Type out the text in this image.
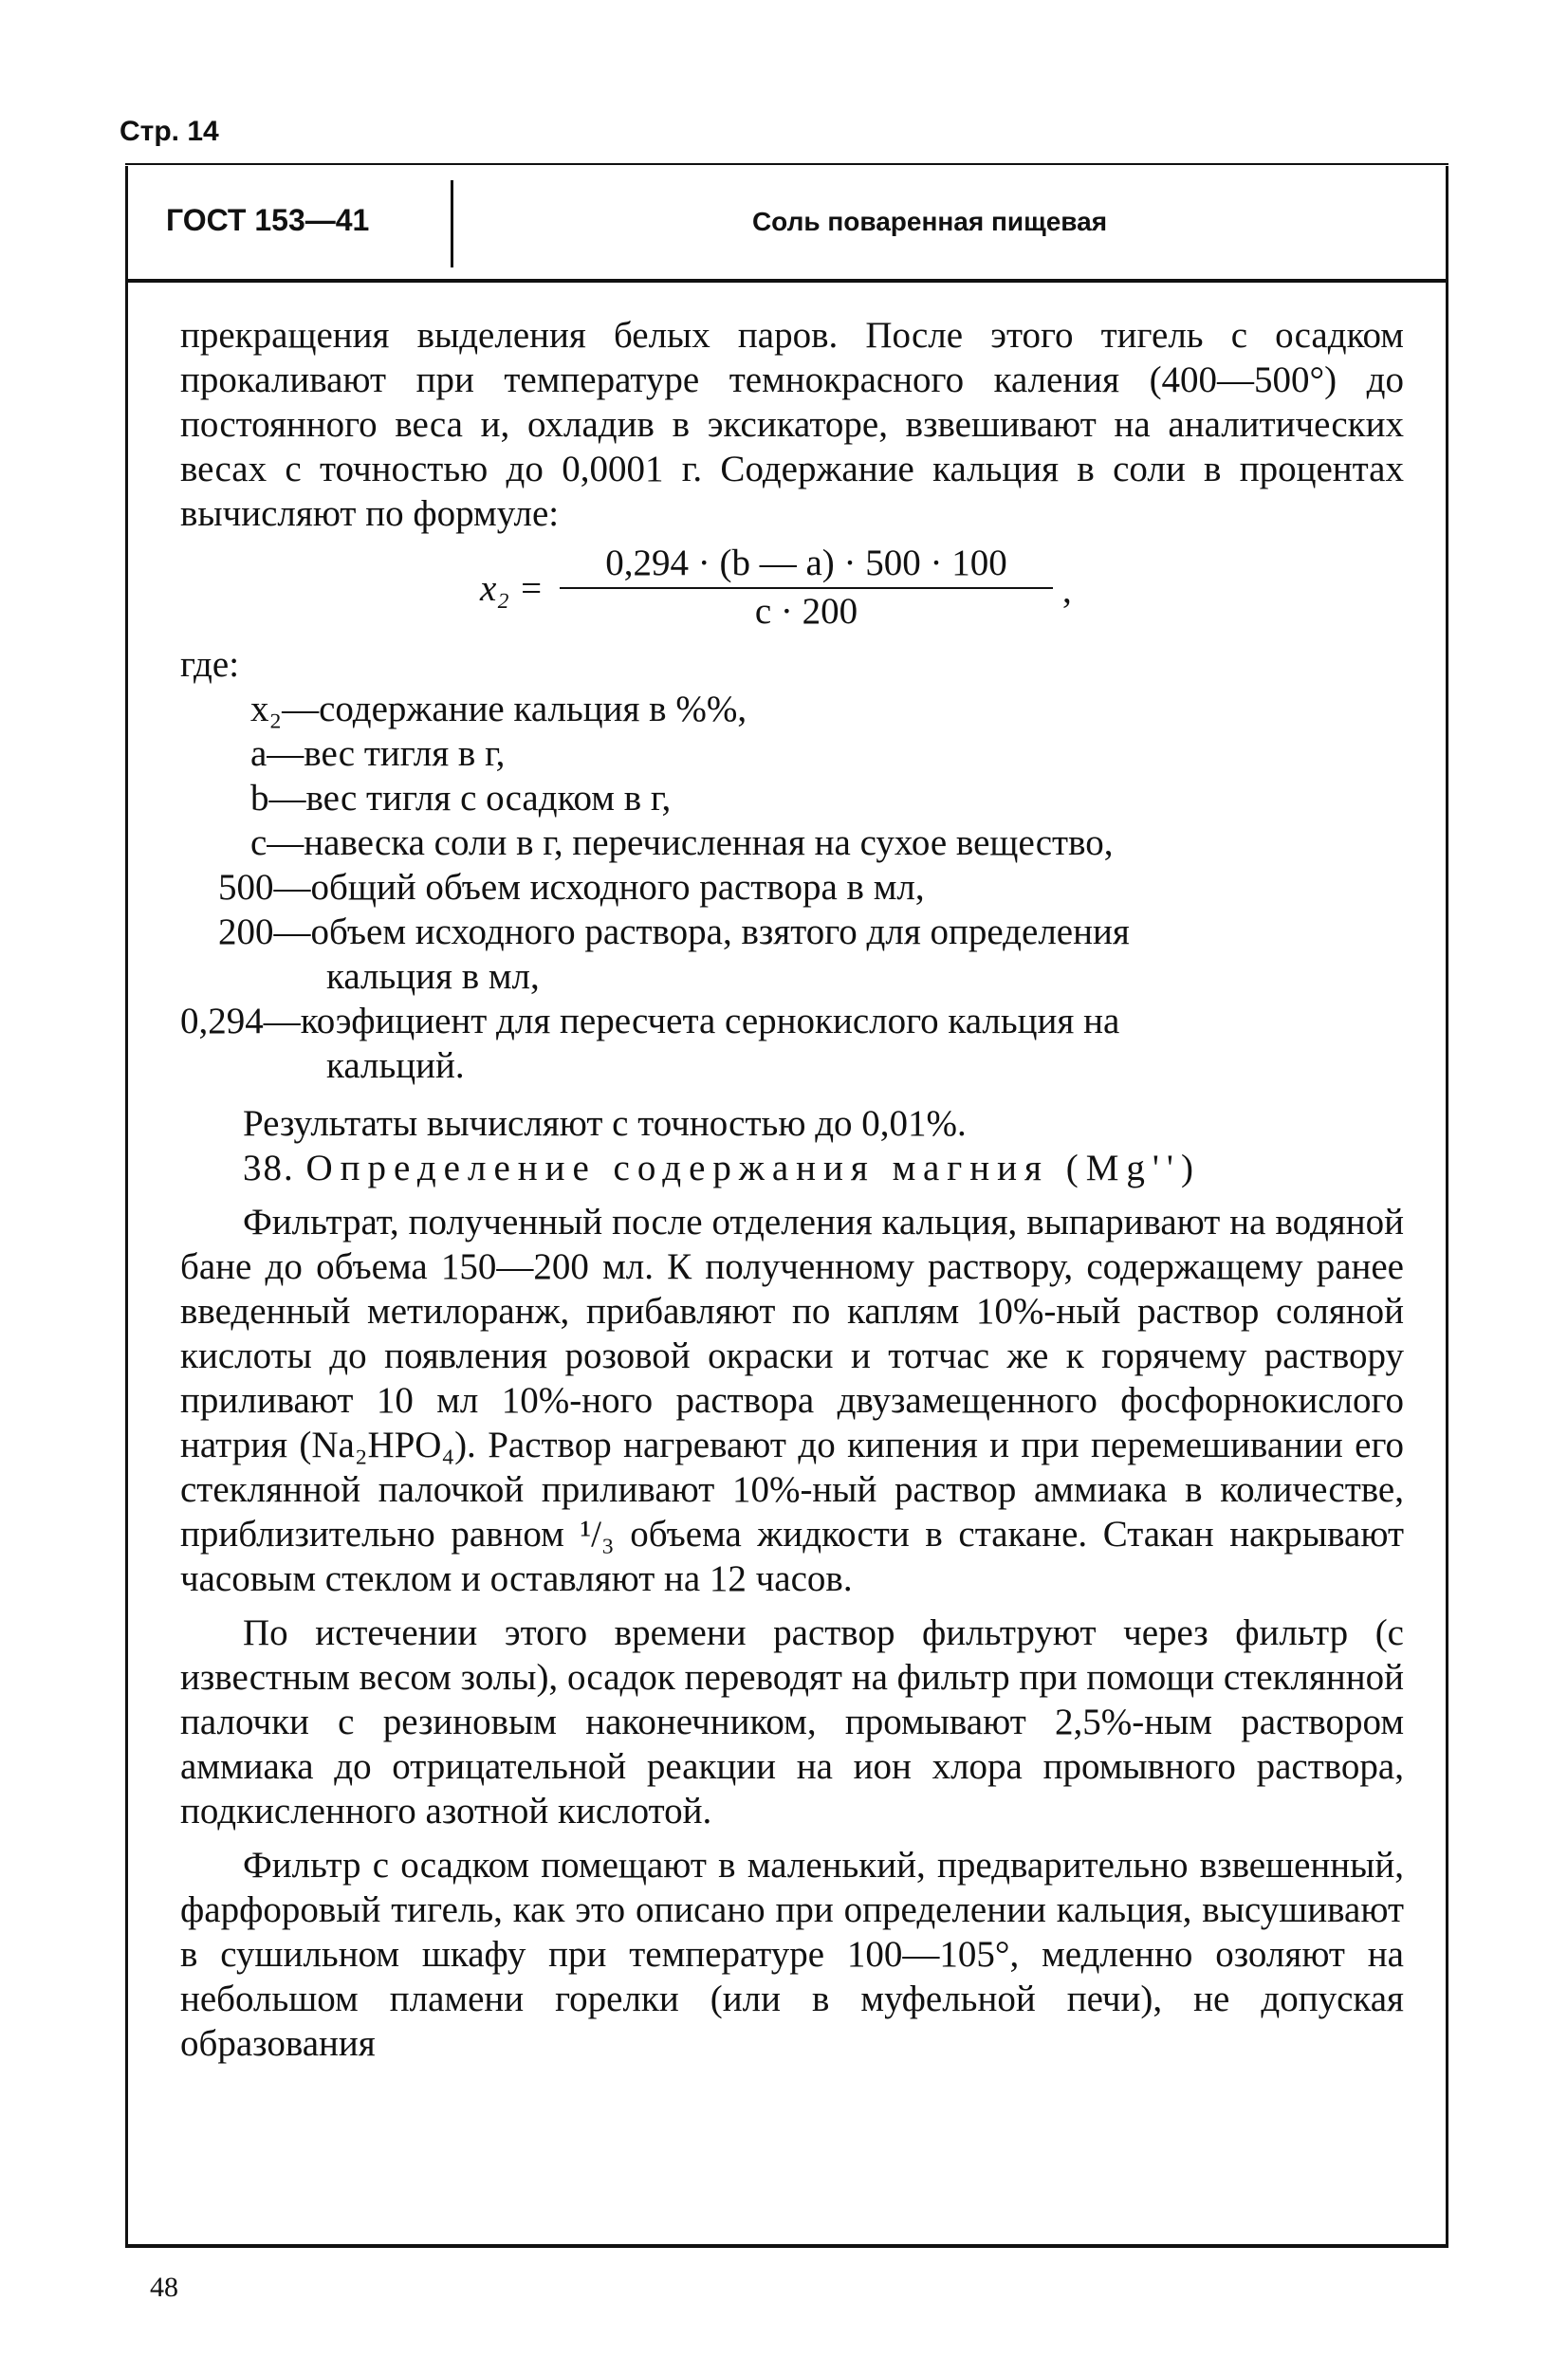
Стр. 14
ГОСТ 153—41	Соль поваренная пищевая

прекращения выделения белых паров. После этого тигель с осадком прокаливают при температуре темнокрасного каления (400—500°) до постоянного веса и, охладив в эксикаторе, взвешивают на аналитических весах с точностью до 0,0001 г. Содержание кальция в соли в процентах вычисляют по формуле:

$x_2 = \frac{0,294 \cdot (b — a) \cdot 500 \cdot 100}{c \cdot 200}$ ,

где:

x₂—содержание кальция в %%,

a—вес тигля в г,

b—вес тигля с осадком в г,

c—навеска соли в г, перечисленная на сухое вещество,

500—общий объем исходного раствора в мл,

200—объем исходного раствора, взятого для определения

кальция в мл,

0,294—коэфициент для пересчета сернокислого кальция на

кальций.

Результаты вычисляют с точностью до 0,01%.

38. Определение содержания магния (Mg'')

Фильтрат, полученный после отделения кальция, выпаривают на водяной бане до объема 150—200 мл. К полученному раствору, содержащему ранее введенный метилоранж, прибавляют по каплям 10%-ный раствор соляной кислоты до появления розовой окраски и тотчас же к горячему раствору приливают 10 мл 10%-ного раствора двузамещенного фосфорнокислого натрия (Na₂HPO₄). Раствор нагревают до кипения и при перемешивании его стеклянной палочкой приливают 10%-ный раствор аммиака в количестве, приблизительно равном ¹/₃ объема жидкости в стакане. Стакан накрывают часовым стеклом и оставляют на 12 часов.

По истечении этого времени раствор фильтруют через фильтр (с известным весом золы), осадок переводят на фильтр при помощи стеклянной палочки с резиновым наконечником, промывают 2,5%-ным раствором аммиака до отрицательной реакции на ион хлора промывного раствора, подкисленного азотной кислотой.

Фильтр с осадком помещают в маленький, предварительно взвешенный, фарфоровый тигель, как это описано при определении кальция, высушивают в сушильном шкафу при температуре 100—105°, медленно озоляют на небольшом пламени горелки (или в муфельной печи), не допуская образования

48
